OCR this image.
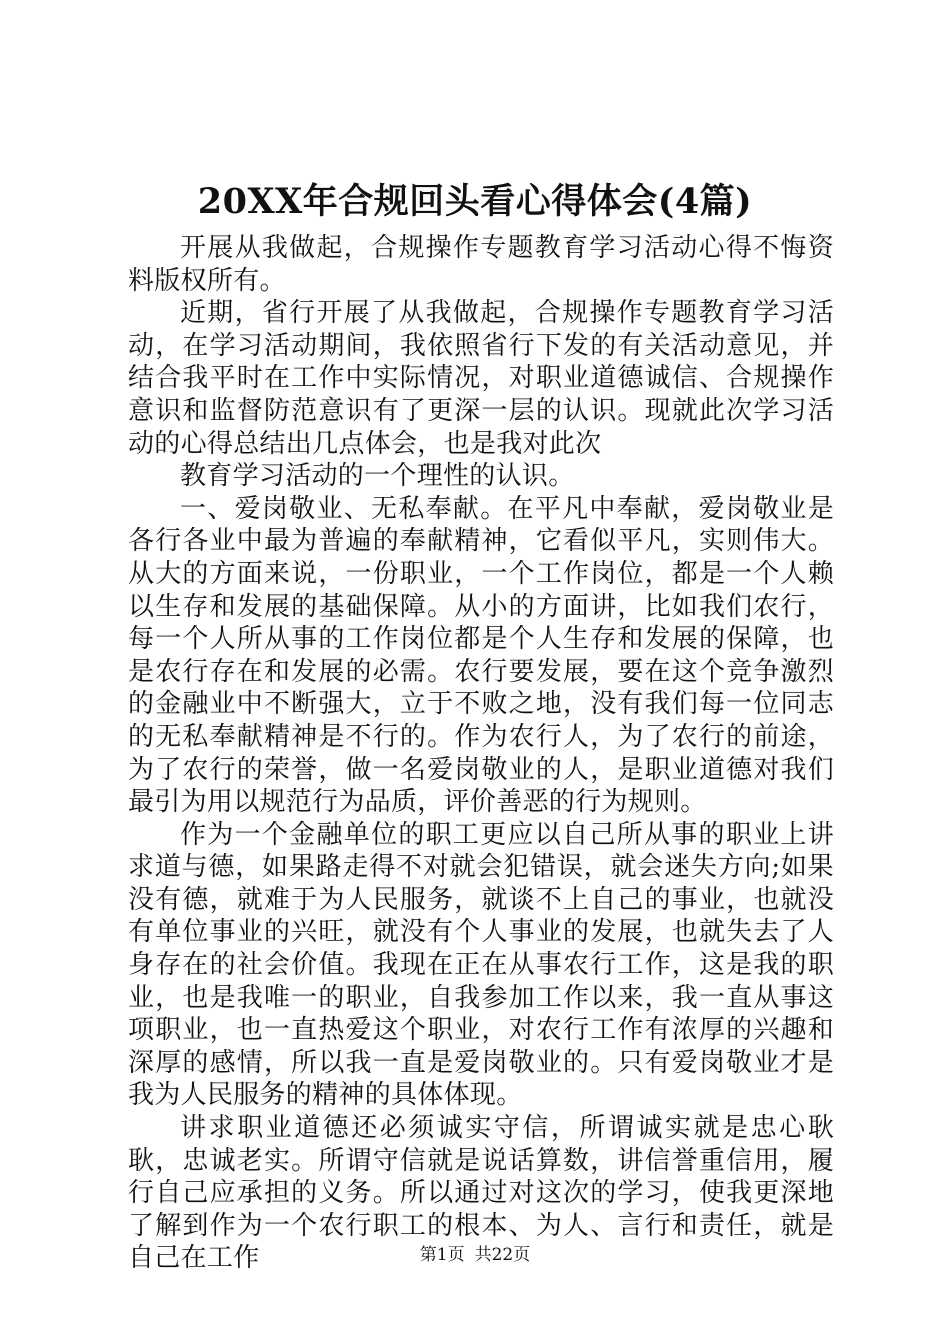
20XX年合规回头看心得体会(4篇)

开展从我做起，合规操作专题教育学习活动心得不悔资料版权所有。

近期，省行开展了从我做起，合规操作专题教育学习活动，在学习活动期间，我依照省行下发的有关活动意见，并结合我平时在工作中实际情况，对职业道德诚信、合规操作意识和监督防范意识有了更深一层的认识。现就此次学习活动的心得总结出几点体会，也是我对此次

教育学习活动的一个理性的认识。

一、爱岗敬业、无私奉献。在平凡中奉献，爱岗敬业是各行各业中最为普遍的奉献精神，它看似平凡，实则伟大。从大的方面来说，一份职业，一个工作岗位，都是一个人赖以生存和发展的基础保障。从小的方面讲，比如我们农行，每一个人所从事的工作岗位都是个人生存和发展的保障，也是农行存在和发展的必需。农行要发展，要在这个竞争激烈的金融业中不断强大，立于不败之地，没有我们每一位同志的无私奉献精神是不行的。作为农行人，为了农行的前途，为了农行的荣誉，做一名爱岗敬业的人，是职业道德对我们最引为用以规范行为品质，评价善恶的行为规则。

作为一个金融单位的职工更应以自己所从事的职业上讲求道与德，如果路走得不对就会犯错误，就会迷失方向;如果没有德，就难于为人民服务，就谈不上自己的事业，也就没有单位事业的兴旺，就没有个人事业的发展，也就失去了人身存在的社会价值。我现在正在从事农行工作，这是我的职业，也是我唯一的职业，自我参加工作以来，我一直从事这项职业，也一直热爱这个职业，对农行工作有浓厚的兴趣和深厚的感情，所以我一直是爱岗敬业的。只有爱岗敬业才是我为人民服务的精神的具体体现。

讲求职业道德还必须诚实守信，所谓诚实就是忠心耿耿，忠诚老实。所谓守信就是说话算数，讲信誉重信用，履行自己应承担的义务。所以通过对这次的学习，使我更深地了解到作为一个农行职工的根本、为人、言行和责任，就是自己在工作	第1页 共22页
